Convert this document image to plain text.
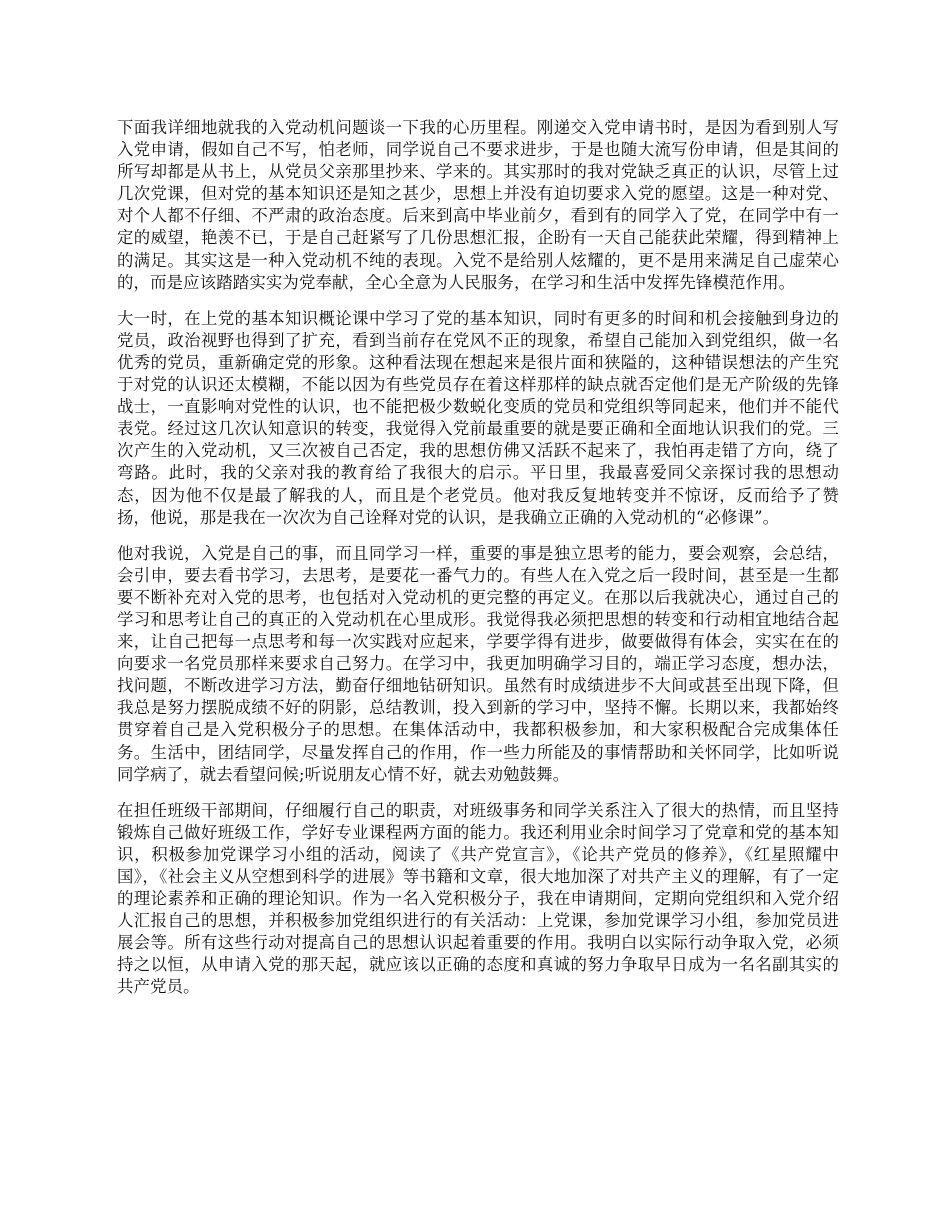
下面我详细地就我的入党动机问题谈一下我的心历里程。刚递交入党申请书时，是因为看到别人写入党申请，假如自己不写，怕老师，同学说自己不要求进步，于是也随大流写份申请，但是其间的所写却都是从书上，从党员父亲那里抄来、学来的。其实那时的我对党缺乏真正的认识，尽管上过几次党课，但对党的基本知识还是知之甚少，思想上并没有迫切要求入党的愿望。这是一种对党、对个人都不仔细、不严肃的政治态度。后来到高中毕业前夕，看到有的同学入了党，在同学中有一定的威望，艳羡不已，于是自己赶紧写了几份思想汇报，企盼有一天自己能获此荣耀，得到精神上的满足。其实这是一种入党动机不纯的表现。入党不是给别人炫耀的，更不是用来满足自己虚荣心的，而是应该踏踏实实为党奉献，全心全意为人民服务，在学习和生活中发挥先锋模范作用。

大一时，在上党的基本知识概论课中学习了党的基本知识，同时有更多的时间和机会接触到身边的党员，政治视野也得到了扩充，看到当前存在党风不正的现象，希望自己能加入到党组织，做一名优秀的党员，重新确定党的形象。这种看法现在想起来是很片面和狭隘的，这种错误想法的产生究于对党的认识还太模糊，不能以因为有些党员存在着这样那样的缺点就否定他们是无产阶级的先锋战士，一直影响对党性的认识，也不能把极少数蜕化变质的党员和党组织等同起来，他们并不能代表党。经过这几次认知意识的转变，我觉得入党前最重要的就是要正确和全面地认识我们的党。三次产生的入党动机，又三次被自己否定，我的思想仿佛又活跃不起来了，我怕再走错了方向，绕了弯路。此时，我的父亲对我的教育给了我很大的启示。平日里，我最喜爱同父亲探讨我的思想动态，因为他不仅是最了解我的人，而且是个老党员。他对我反复地转变并不惊讶，反而给予了赞扬，他说，那是我在一次次为自己诠释对党的认识，是我确立正确的入党动机的“必修课”。

他对我说，入党是自己的事，而且同学习一样，重要的事是独立思考的能力，要会观察，会总结，会引申，要去看书学习，去思考，是要花一番气力的。有些人在入党之后一段时间，甚至是一生都要不断补充对入党的思考，也包括对入党动机的更完整的再定义。在那以后我就决心，通过自己的学习和思考让自己的真正的入党动机在心里成形。我觉得我必须把思想的转变和行动相宜地结合起来，让自己把每一点思考和每一次实践对应起来，学要学得有进步，做要做得有体会，实实在在的向要求一名党员那样来要求自己努力。在学习中，我更加明确学习目的，端正学习态度，想办法，找问题，不断改进学习方法，勤奋仔细地钻研知识。虽然有时成绩进步不大间或甚至出现下降，但我总是努力摆脱成绩不好的阴影，总结教训，投入到新的学习中，坚持不懈。长期以来，我都始终贯穿着自己是入党积极分子的思想。在集体活动中，我都积极参加，和大家积极配合完成集体任务。生活中，团结同学，尽量发挥自己的作用，作一些力所能及的事情帮助和关怀同学，比如听说同学病了，就去看望问候;听说朋友心情不好，就去劝勉鼓舞。

在担任班级干部期间，仔细履行自己的职责，对班级事务和同学关系注入了很大的热情，而且坚持锻炼自己做好班级工作，学好专业课程两方面的能力。我还利用业余时间学习了党章和党的基本知识，积极参加党课学习小组的活动，阅读了《共产党宣言》，《论共产党员的修养》，《红星照耀中国》，《社会主义从空想到科学的进展》等书籍和文章，很大地加深了对共产主义的理解，有了一定的理论素养和正确的理论知识。作为一名入党积极分子，我在申请期间，定期向党组织和入党介绍人汇报自己的思想，并积极参加党组织进行的有关活动：上党课，参加党课学习小组，参加党员进展会等。所有这些行动对提高自己的思想认识起着重要的作用。我明白以实际行动争取入党，必须持之以恒，从申请入党的那天起，就应该以正确的态度和真诚的努力争取早日成为一名名副其实的共产党员。
